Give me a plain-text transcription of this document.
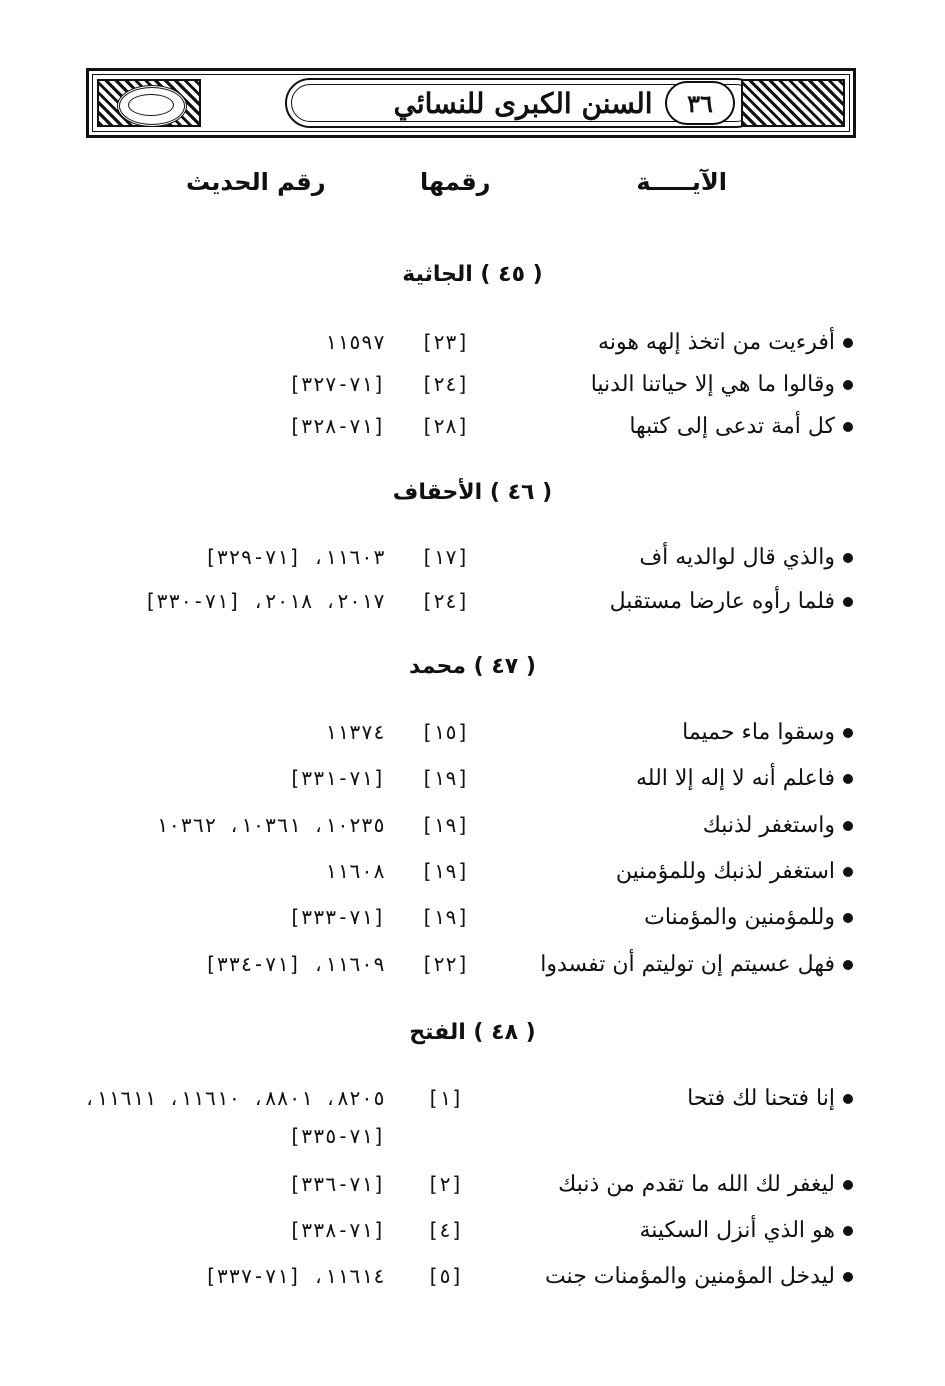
السنن الكبرى للنسائي ٣٦
الآيـــــة
رقمها
رقم الحديث
( ٤٥ ) الجاثية
أفرءيت من اتخذ إلهه هونه
[٢٣]
١١٥٩٧
وقالوا ما هي إلا حياتنا الدنيا
[٢٤]
[٧١-٣٢٧]
كل أمة تدعى إلى كتبها
[٢٨]
[٧١-٣٢٨]
( ٤٦ ) الأحقاف
والذي قال لوالديه أف
[١٧]
١١٦٠٣، [٧١-٣٢٩]
فلما رأوه عارضا مستقبل
[٢٤]
٢٠١٧، ٢٠١٨، [٧١-٣٣٠]
( ٤٧ ) محمد
وسقوا ماء حميما
[١٥]
١١٣٧٤
فاعلم أنه لا إله إلا الله
[١٩]
[٧١-٣٣١]
واستغفر لذنبك
[١٩]
١٠٢٣٥، ١٠٣٦١، ١٠٣٦٢
استغفر لذنبك وللمؤمنين
[١٩]
١١٦٠٨
وللمؤمنين والمؤمنات
[١٩]
[٧١-٣٣٣]
فهل عسيتم إن توليتم أن تفسدوا
[٢٢]
١١٦٠٩، [٧١-٣٣٤]
( ٤٨ ) الفتح
إنا فتحنا لك فتحا
[١]
٨٢٠٥، ٨٨٠١، ١١٦١٠، ١١٦١١،
[٧١-٣٣٥]
ليغفر لك الله ما تقدم من ذنبك
[٢]
[٧١-٣٣٦]
هو الذي أنزل السكينة
[٤]
[٧١-٣٣٨]
ليدخل المؤمنين والمؤمنات جنت
[٥]
١١٦١٤، [٧١-٣٣٧]
